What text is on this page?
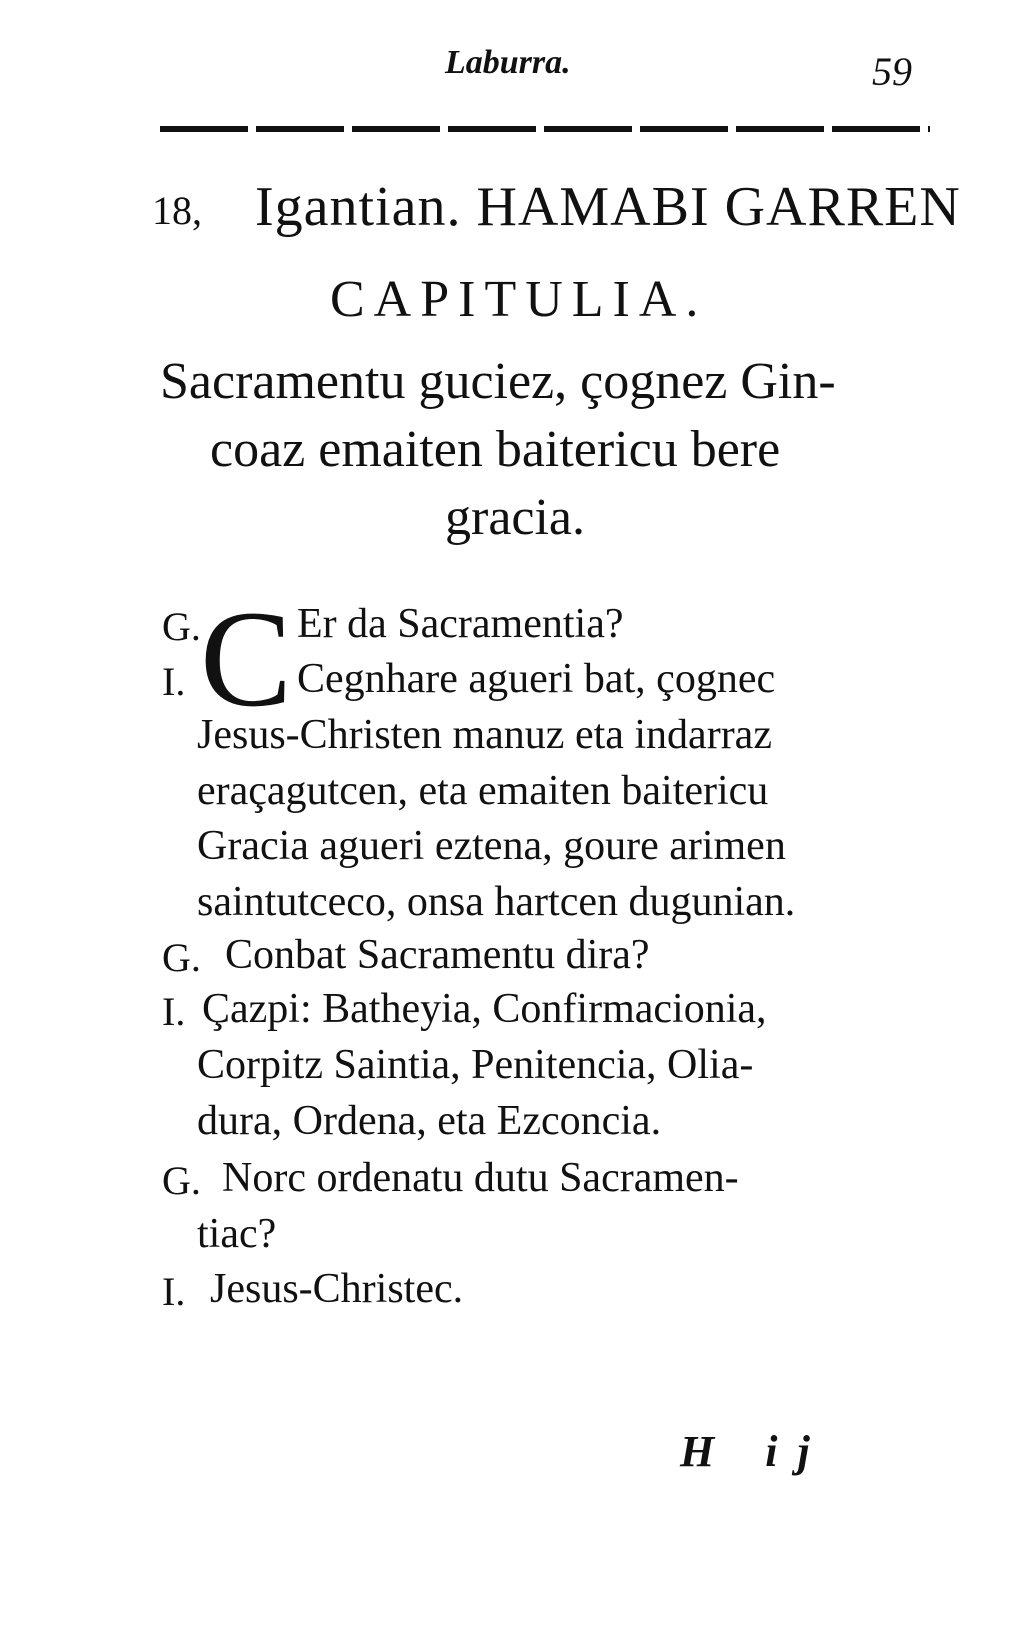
Laburra.	59
18, Igantian. HAMABI GARREN
CAPITULIA.
Sacramentu guciez, çognez Gin-
coaz emaiten baitericu bere
gracia.
C
G. Er da Sacramentia?
I.	Cegnhare agueri bat, çognec
Jesus-Christen manuz eta indarraz
eraçagutcen, eta emaiten baitericu
Gracia agueri eztena, goure arimen
saintutceco, onsa hartcen dugunian.
G. Conbat Sacramentu dira?
I. Çazpi: Batheyia, Confirmacionia,
Corpitz Saintia, Penitencia, Olia-
dura, Ordena, eta Ezconcia.
G. Norc ordenatu dutu Sacramen-
tiac?
I. Jesus-Christec.
H ij
